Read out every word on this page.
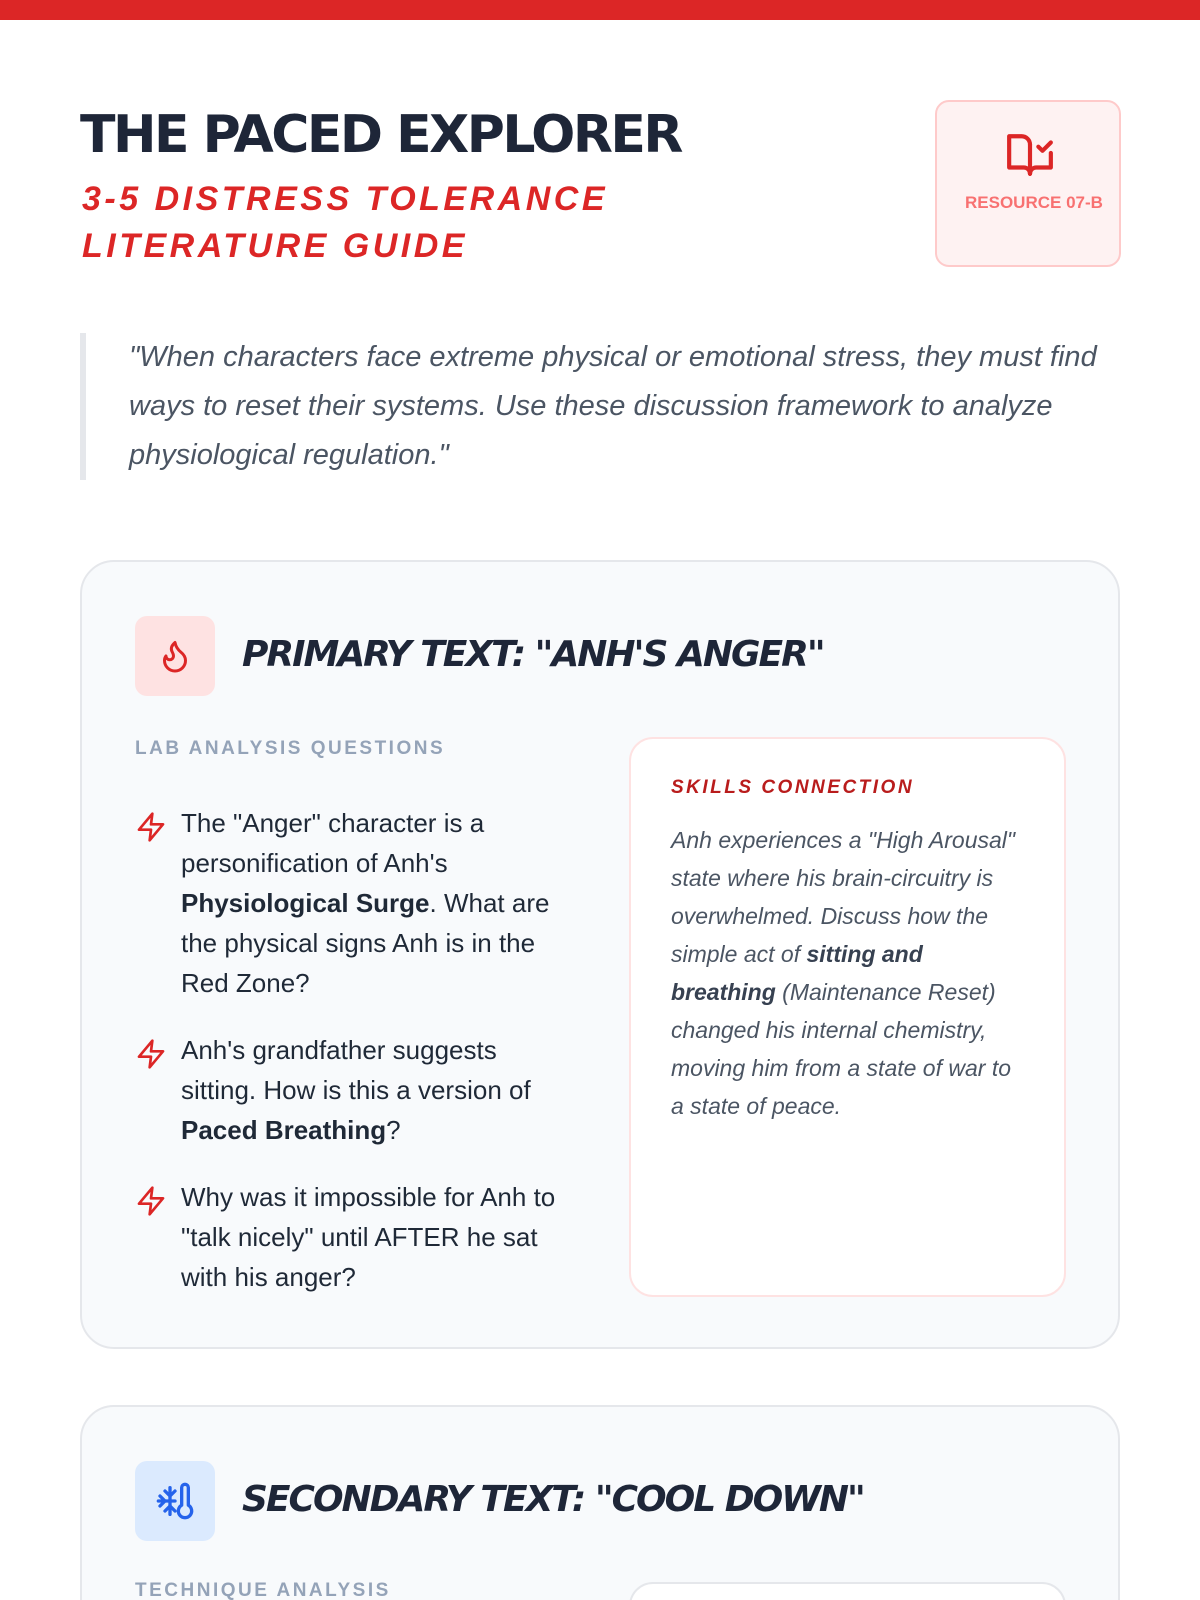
THE PACED EXPLORER
3-5 DISTRESS TOLERANCE LITERATURE GUIDE
RESOURCE 07-B

"When characters face extreme physical or emotional stress, they must find ways to reset their systems. Use these discussion framework to analyze physiological regulation."

PRIMARY TEXT: "ANH'S ANGER"
LAB ANALYSIS QUESTIONS
The "Anger" character is a personification of Anh's Physiological Surge. What are the physical signs Anh is in the Red Zone?
Anh's grandfather suggests sitting. How is this a version of Paced Breathing?
Why was it impossible for Anh to "talk nicely" until AFTER he sat with his anger?
SKILLS CONNECTION

Anh experiences a "High Arousal" state where his brain-circuitry is overwhelmed. Discuss how the simple act of sitting and breathing (Maintenance Reset) changed his internal chemistry, moving him from a state of war to a state of peace.

SECONDARY TEXT: "COOL DOWN"
TECHNIQUE ANALYSIS
